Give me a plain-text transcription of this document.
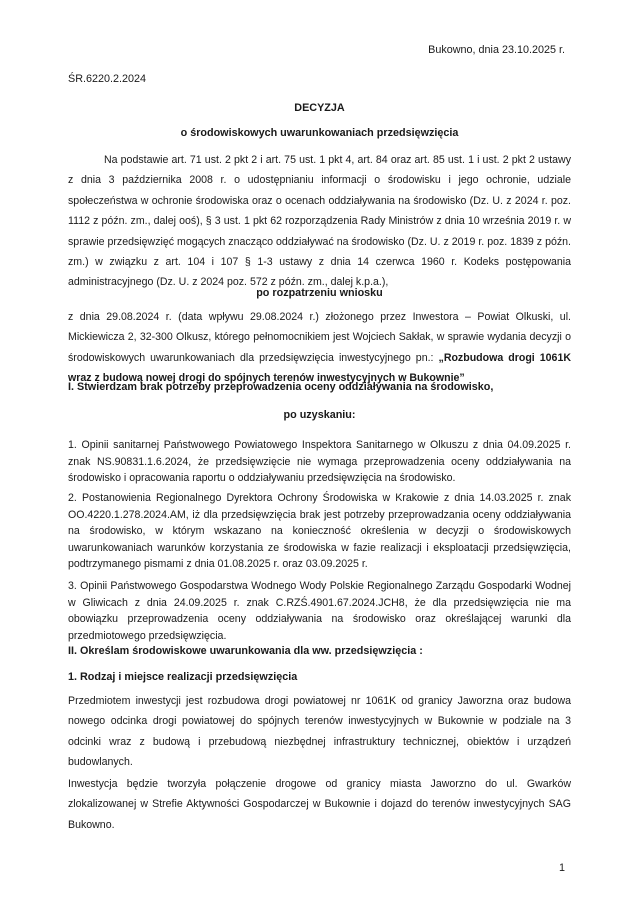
Bukowno, dnia 23.10.2025 r.
ŚR.6220.2.2024
DECYZJA
o środowiskowych uwarunkowaniach przedsięwzięcia
Na podstawie art. 71 ust. 2 pkt 2 i art. 75 ust. 1 pkt 4, art. 84 oraz art. 85 ust. 1 i ust. 2 pkt 2 ustawy z dnia 3 października 2008 r. o udostępnianiu informacji o środowisku i jego ochronie, udziale społeczeństwa w ochronie środowiska oraz o ocenach oddziaływania na środowisko (Dz. U. z 2024 r. poz. 1112 z późn. zm., dalej ooś), § 3 ust. 1 pkt 62 rozporządzenia Rady Ministrów z dnia 10 września 2019 r. w sprawie przedsięwzięć mogących znacząco oddziaływać na środowisko (Dz. U. z 2019 r. poz. 1839 z późn. zm.) w związku z art. 104 i 107 § 1-3 ustawy z dnia 14 czerwca 1960 r. Kodeks postępowania administracyjnego (Dz. U. z 2024 poz. 572 z późn. zm., dalej k.p.a.),
po rozpatrzeniu wniosku
z dnia 29.08.2024 r. (data wpływu 29.08.2024 r.) złożonego przez Inwestora – Powiat Olkuski, ul. Mickiewicza 2, 32-300 Olkusz, którego pełnomocnikiem jest Wojciech Sakłak, w sprawie wydania decyzji o środowiskowych uwarunkowaniach dla przedsięwzięcia inwestycyjnego pn.: „Rozbudowa drogi 1061K wraz z budową nowej drogi do spójnych terenów inwestycyjnych w Bukownie”
I. Stwierdzam brak potrzeby przeprowadzenia oceny oddziaływania na środowisko,
po uzyskaniu:
1. Opinii sanitarnej Państwowego Powiatowego Inspektora Sanitarnego w Olkuszu z dnia 04.09.2025 r. znak NS.90831.1.6.2024, że przedsięwzięcie nie wymaga przeprowadzenia oceny oddziaływania na środowisko i opracowania raportu o oddziaływaniu przedsięwzięcia na środowisko.
2. Postanowienia Regionalnego Dyrektora Ochrony Środowiska w Krakowie z dnia 14.03.2025 r. znak OO.4220.1.278.2024.AM, iż dla przedsięwzięcia brak jest potrzeby przeprowadzania oceny oddziaływania na środowisko, w którym wskazano na konieczność określenia w decyzji o środowiskowych uwarunkowaniach warunków korzystania ze środowiska w fazie realizacji i eksploatacji przedsięwzięcia, podtrzymanego pismami z dnia 01.08.2025 r. oraz 03.09.2025 r.
3. Opinii Państwowego Gospodarstwa Wodnego Wody Polskie Regionalnego Zarządu Gospodarki Wodnej w Gliwicach z dnia 24.09.2025 r. znak C.RZŚ.4901.67.2024.JCH8, że dla przedsięwzięcia nie ma obowiązku przeprowadzenia oceny oddziaływania na środowisko oraz określającej warunki dla przedmiotowego przedsięwzięcia.
II. Określam środowiskowe uwarunkowania dla ww. przedsięwzięcia :
1. Rodzaj i miejsce realizacji przedsięwzięcia
Przedmiotem inwestycji jest rozbudowa drogi powiatowej nr 1061K od granicy Jaworzna oraz budowa nowego odcinka drogi powiatowej do spójnych terenów inwestycyjnych w Bukownie w podziale na 3 odcinki wraz z budową i przebudową niezbędnej infrastruktury technicznej, obiektów i urządzeń budowlanych.
Inwestycja będzie tworzyła połączenie drogowe od granicy miasta Jaworzno do ul. Gwarków zlokalizowanej w Strefie Aktywności Gospodarczej w Bukownie i dojazd do terenów inwestycyjnych SAG Bukowno.
1
